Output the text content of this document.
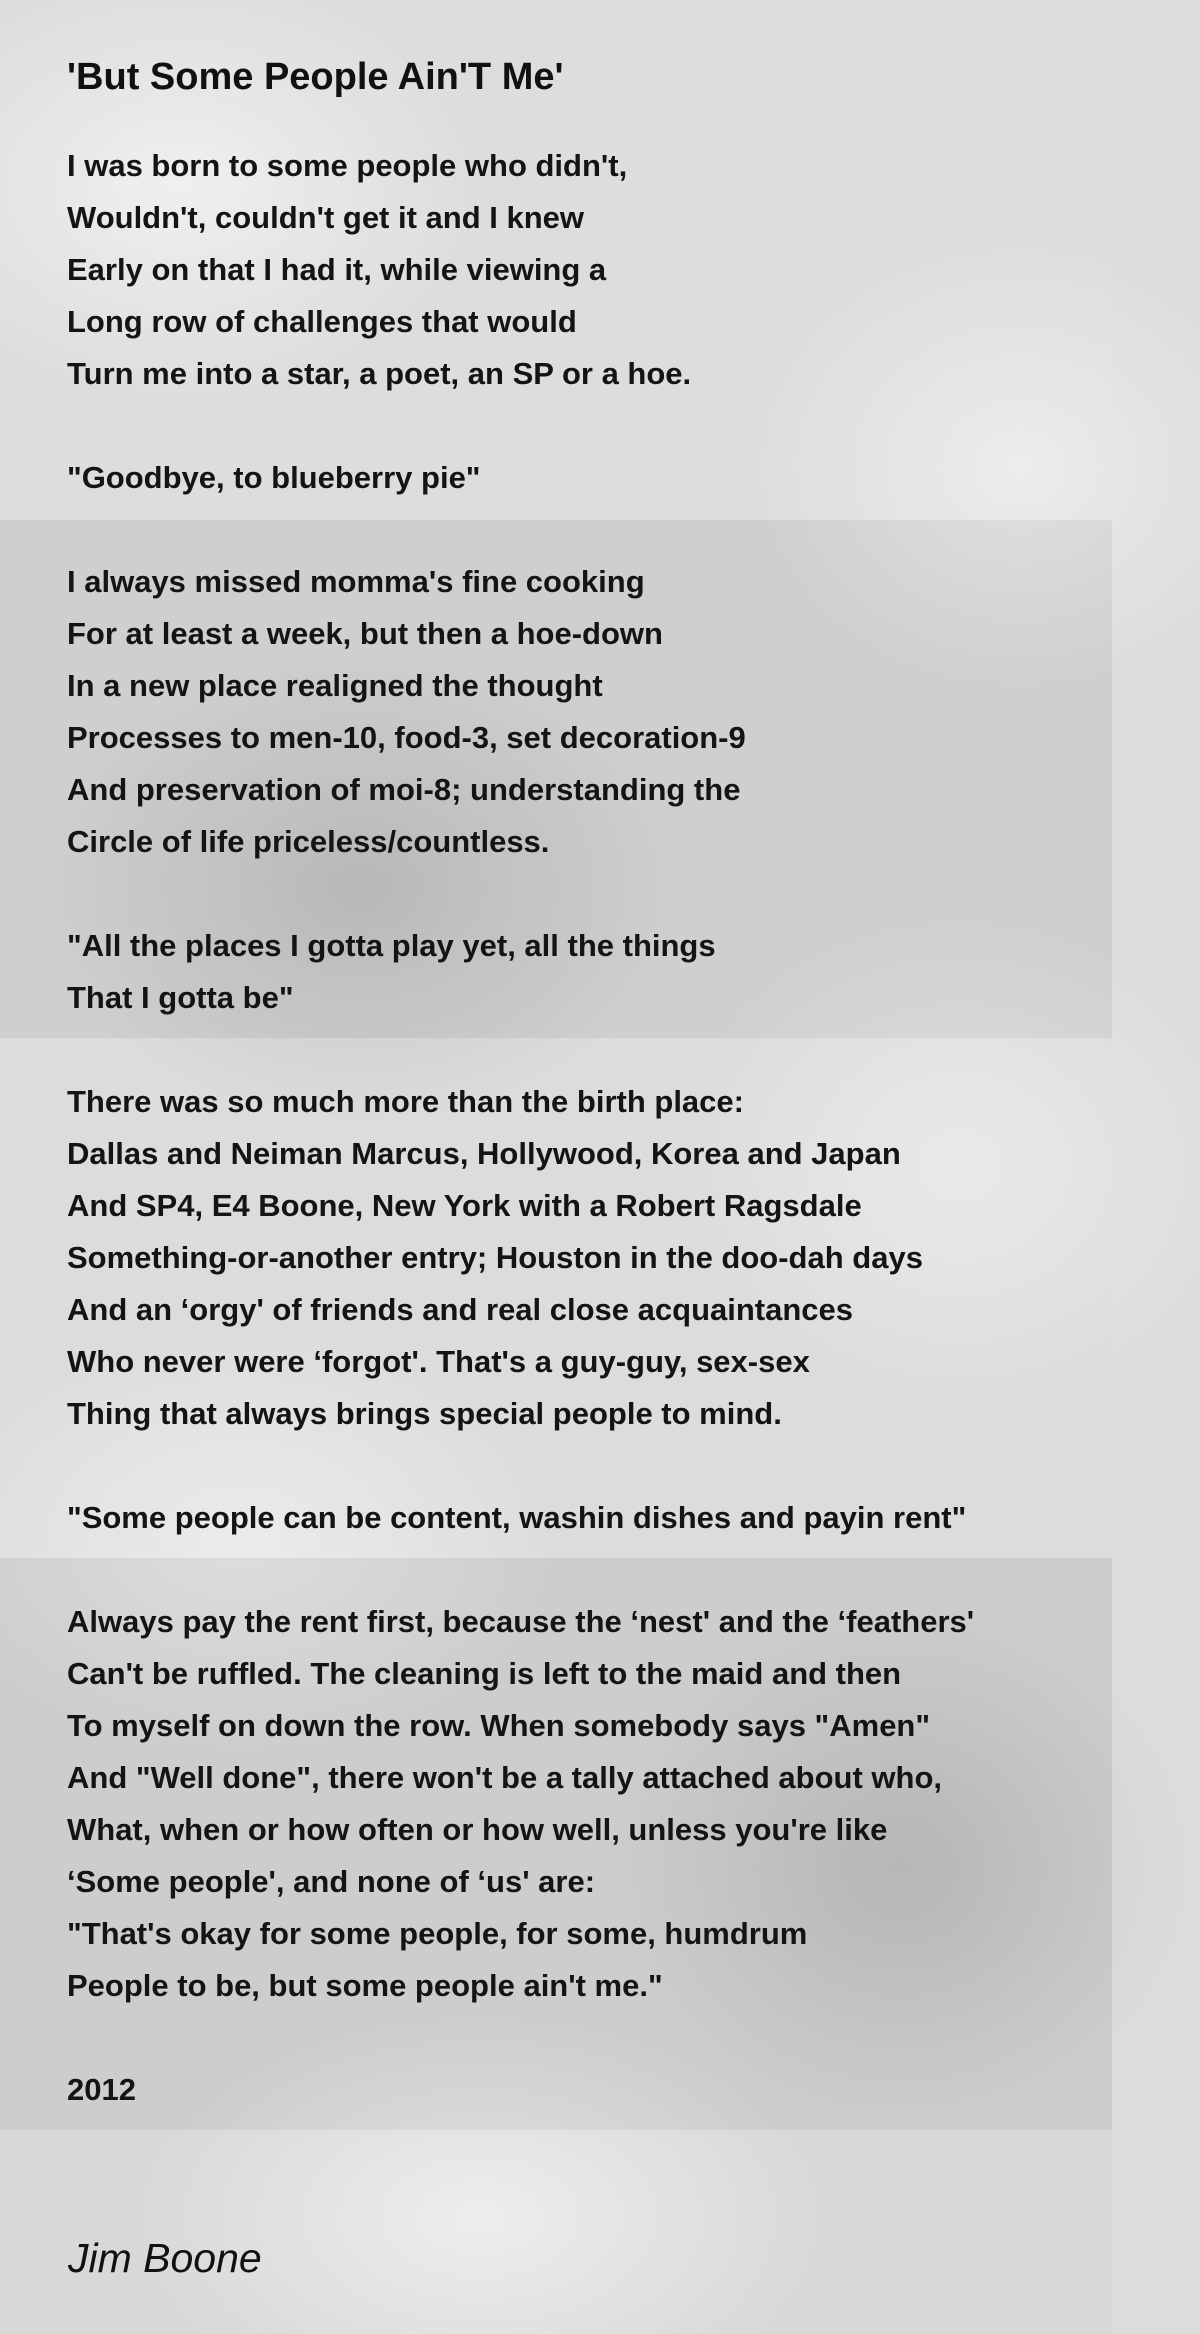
'But Some People Ain'T Me'
I was born to some people who didn't,
Wouldn't, couldn't get it and I knew
Early on that I had it, while viewing a
Long row of challenges that would
Turn me into a star, a poet, an SP or a hoe.
"Goodbye, to blueberry pie"
I always missed momma's fine cooking
For at least a week, but then a hoe-down
In a new place realigned the thought
Processes to men-10, food-3, set decoration-9
And preservation of moi-8; understanding the
Circle of life priceless/countless.
"All the places I gotta play yet, all the things
That I gotta be"
There was so much more than the birth place:
Dallas and Neiman Marcus, Hollywood, Korea and Japan
And SP4, E4 Boone, New York with a Robert Ragsdale
Something-or-another entry; Houston in the doo-dah days
And an ‘orgy' of friends and real close acquaintances
Who never were ‘forgot'. That's a guy-guy, sex-sex
Thing that always brings special people to mind.
"Some people can be content, washin dishes and payin rent"
Always pay the rent first, because the ‘nest' and the ‘feathers'
Can't be ruffled. The cleaning is left to the maid and then
To myself on down the row. When somebody says "Amen"
And "Well done", there won't be a tally attached about who,
What, when or how often or how well, unless you're like
‘Some people', and none of ‘us' are:
"That's okay for some people, for some, humdrum
People to be, but some people ain't me."
2012
Jim Boone
